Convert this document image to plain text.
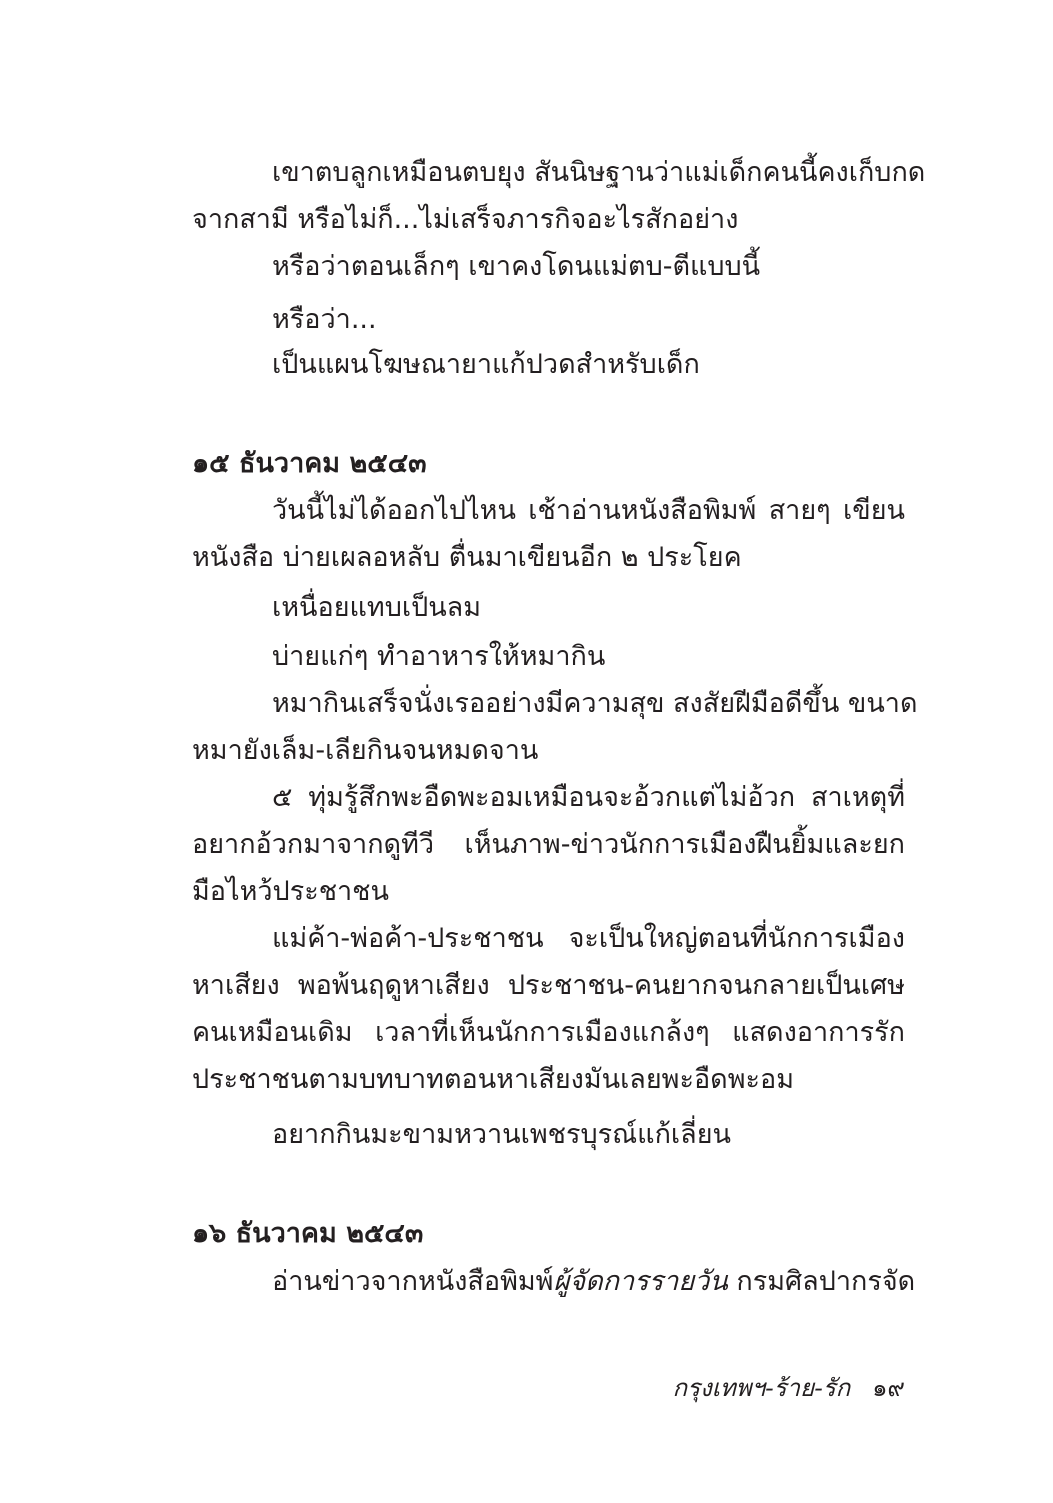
เขาตบลูกเหมือนตบยุง สันนิษฐานว่าแม่เด็กคนนี้คงเก็บกด
จากสามี หรือไม่ก็...ไม่เสร็จภารกิจอะไรสักอย่าง
หรือว่าตอนเล็กๆ เขาคงโดนแม่ตบ-ตีแบบนี้
หรือว่า...
เป็นแผนโฆษณายาแก้ปวดสำหรับเด็ก
๑๕ ธันวาคม ๒๕๔๓
วันนี้ไม่ได้ออกไปไหน เช้าอ่านหนังสือพิมพ์ สายๆ เขียน
หนังสือ บ่ายเผลอหลับ ตื่นมาเขียนอีก ๒ ประโยค
เหนื่อยแทบเป็นลม
บ่ายแก่ๆ ทำอาหารให้หมากิน
หมากินเสร็จนั่งเรออย่างมีความสุข สงสัยฝีมือดีขึ้น ขนาด
หมายังเล็ม-เลียกินจนหมดจาน
๕ ทุ่มรู้สึกพะอืดพะอมเหมือนจะอ้วกแต่ไม่อ้วก สาเหตุที่
อยากอ้วกมาจากดูทีวี เห็นภาพ-ข่าวนักการเมืองฝืนยิ้มและยก
มือไหว้ประชาชน
แม่ค้า-พ่อค้า-ประชาชน จะเป็นใหญ่ตอนที่นักการเมือง
หาเสียง พอพ้นฤดูหาเสียง ประชาชน-คนยากจนกลายเป็นเศษ
คนเหมือนเดิม เวลาที่เห็นนักการเมืองแกล้งๆ แสดงอาการรัก
ประชาชนตามบทบาทตอนหาเสียงมันเลยพะอืดพะอม
อยากกินมะขามหวานเพชรบุรณ์แก้เลี่ยน
๑๖ ธันวาคม ๒๕๔๓
อ่านข่าวจากหนังสือพิมพ์ผู้จัดการรายวัน กรมศิลปากรจัด
กรุงเทพฯ-ร้าย-รัก ๑๙
